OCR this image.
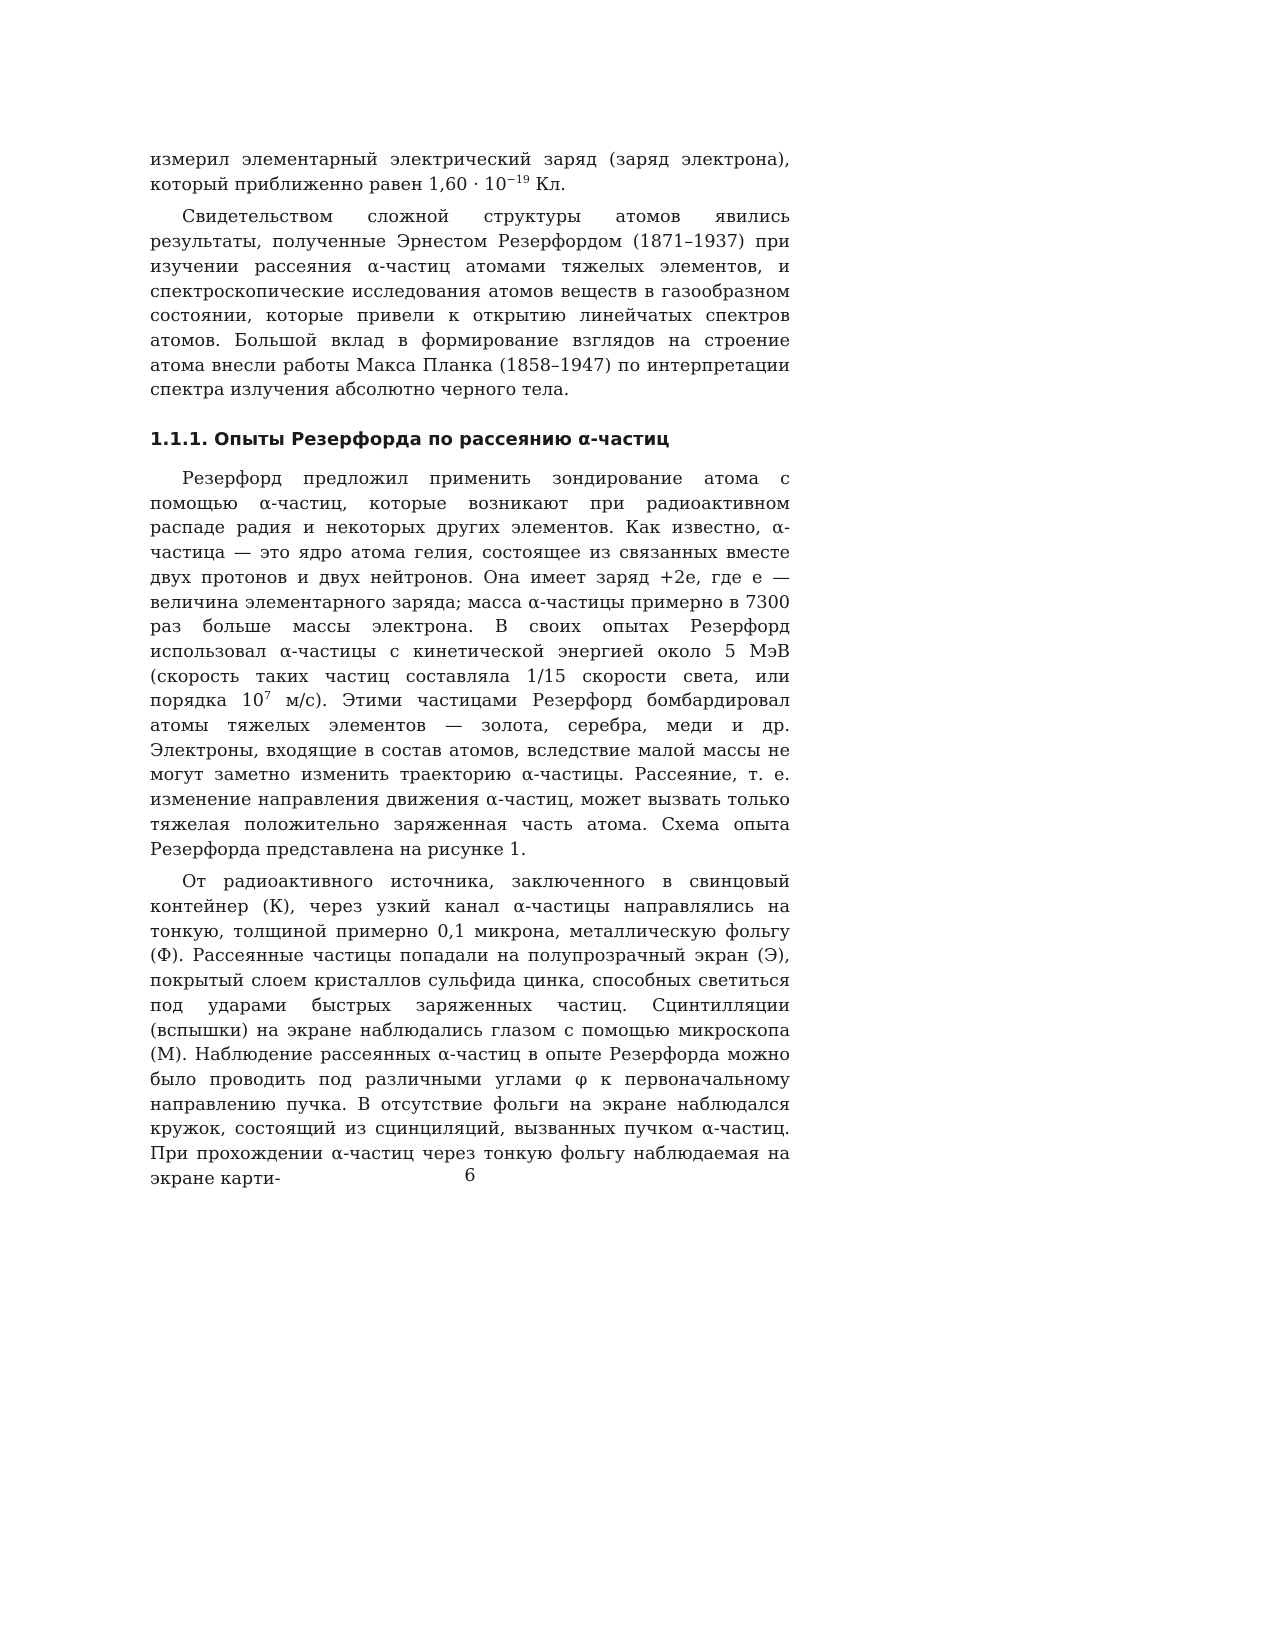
измерил элементарный электрический заряд (заряд электрона), который приближенно равен $1,60 \cdot 10^{-19}$ Кл.

Свидетельством сложной структуры атомов явились результаты, полученные Эрнестом Резерфордом (1871–1937) при изучении рассеяния α-частиц атомами тяжелых элементов, и спектроскопические исследования атомов веществ в газообразном состоянии, которые привели к открытию линейчатых спектров атомов. Большой вклад в формирование взглядов на строение атома внесли работы Макса Планка (1858–1947) по интерпретации спектра излучения абсолютно черного тела.

1.1.1. Опыты Резерфорда по рассеянию α-частиц

Резерфорд предложил применить зондирование атома с помощью α-частиц, которые возникают при радиоактивном распаде радия и некоторых других элементов. Как известно, α-частица — это ядро атома гелия, состоящее из связанных вместе двух протонов и двух нейтронов. Она имеет заряд +2e, где e — величина элементарного заряда; масса α-частицы примерно в 7300 раз больше массы электрона. В своих опытах Резерфорд использовал α-частицы с кинетической энергией около 5 МэВ (скорость таких частиц составляла 1/15 скорости света, или порядка $10^7$ м/с). Этими частицами Резерфорд бомбардировал атомы тяжелых элементов — золота, серебра, меди и др. Электроны, входящие в состав атомов, вследствие малой массы не могут заметно изменить траекторию α-частицы. Рассеяние, т. е. изменение направления движения α-частиц, может вызвать только тяжелая положительно заряженная часть атома. Схема опыта Резерфорда представлена на рисунке 1.

От радиоактивного источника, заключенного в свинцовый контейнер (К), через узкий канал α-частицы направлялись на тонкую, толщиной примерно 0,1 микрона, металлическую фольгу (Ф). Рассеянные частицы попадали на полупрозрачный экран (Э), покрытый слоем кристаллов сульфида цинка, способных светиться под ударами быстрых заряженных частиц. Сцинтилляции (вспышки) на экране наблюдались глазом с помощью микроскопа (М). Наблюдение рассеянных α-частиц в опыте Резерфорда можно было проводить под различными углами φ к первоначальному направлению пучка. В отсутствие фольги на экране наблюдался кружок, состоящий из сцинциляций, вызванных пучком α-частиц. При прохождении α-частиц через тонкую фольгу наблюдаемая на экране карти-	6
